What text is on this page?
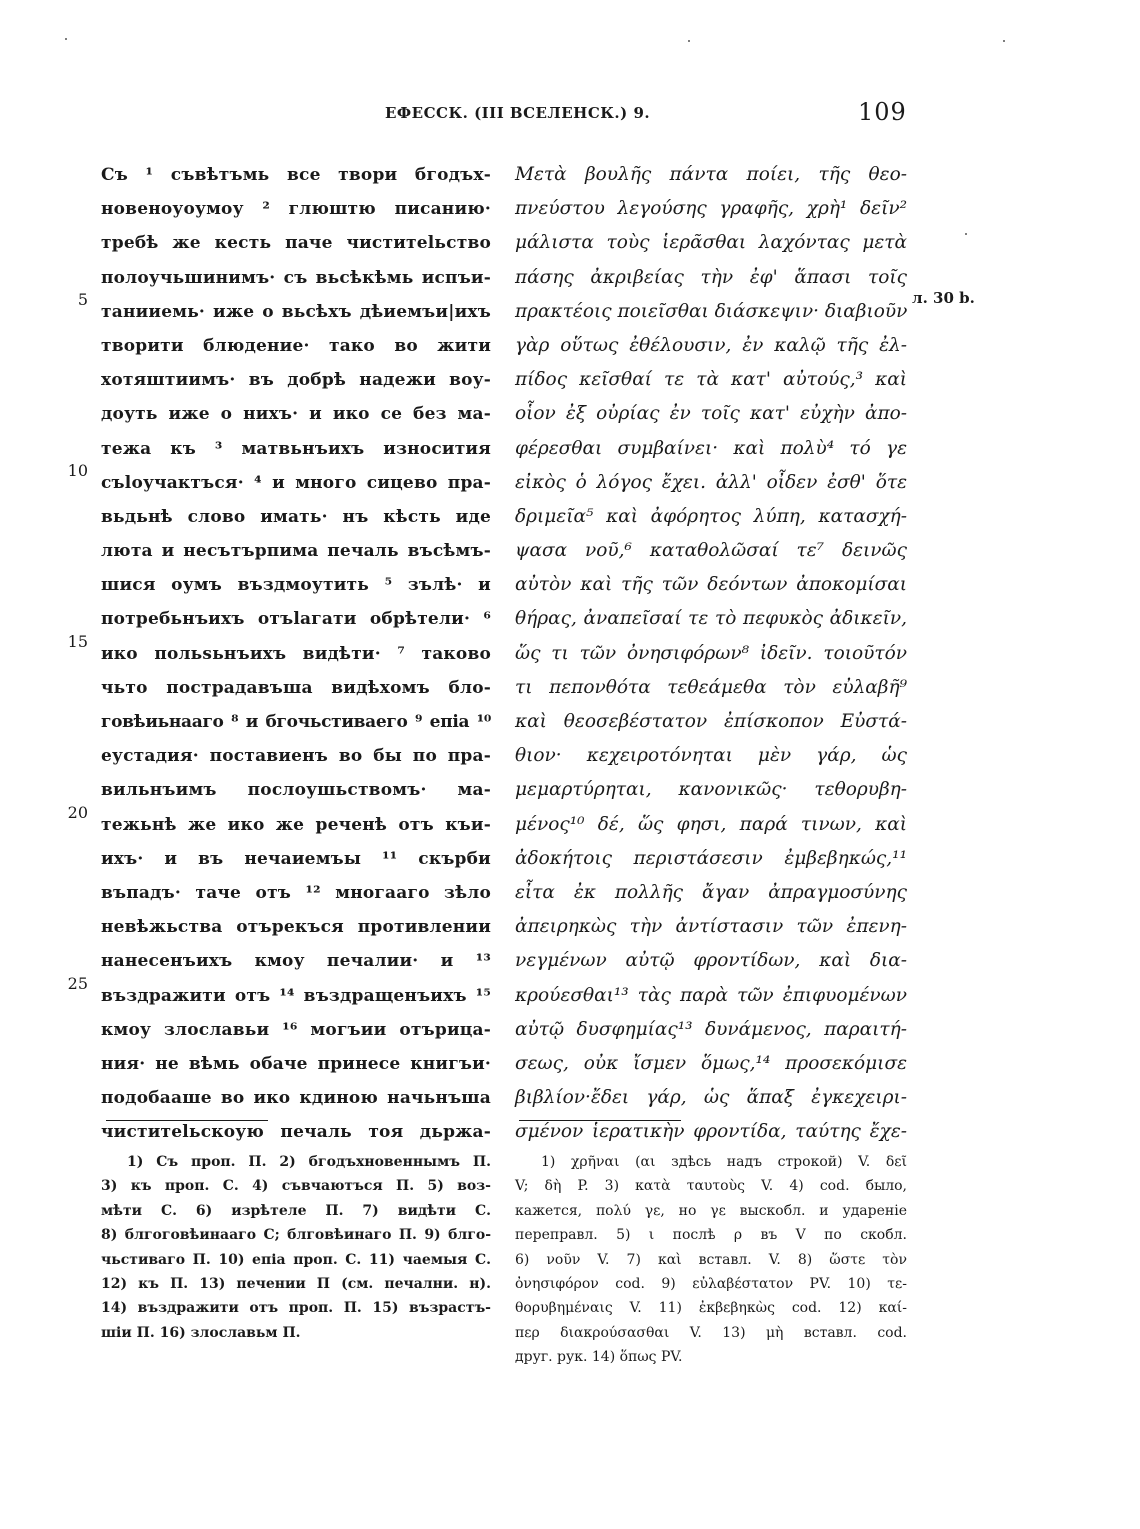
ЕФЕСCК. (III ВСЕЛЕНСК.) 9.	109
Съ ¹ съвѣтъмь все твори бгодъх-
новеноуоумоу ² глюштю писанию·
требѣ же кесть паче чиститеlьство
полоучьшинимъ· съ вьсѣкѣмь испъи-
тaнииемь· иже о вьсѣхъ дѣиемъи|ихъ
творити блюдение· тако во жити
хотяштиимъ· въ добрѣ надежи воу-
доуть иже о нихъ· и ико се без ма-
тежа къ ³ мaтвьнъихъ износития
съloучактъся· ⁴ и много сицево пра-
вьдьнѣ слово имать· нъ кѣсть иде
люта и несътърпима печаль въсѣмъ-
шися оумъ въздмоутить ⁵ зълѣ· и
потребьнъихъ отъlaгaти обрѣтели· ⁶
ико польѕьнъихъ видѣти· ⁷ таково
чьто пострадавъша видѣхомъ бло-
говѣиьнааго ⁸ и бгочьстиваего ⁹ епiа ¹⁰
еустадия· поставиенъ во бы по пра-
вильнъимъ послоушьствомъ· ма-
тежьнѣ же ико же реченѣ отъ къи-
ихъ· и въ нечаиемъы ¹¹ скърби
въпадъ· таче отъ ¹² многааго зѣло
невѣжьства отърекъся противлении
нанесенъихъ кмоу печалии· и ¹³
въздражити отъ ¹⁴ въздращенъихъ ¹⁵
кмоу злославьи ¹⁶ могъии отърица-
ния· не вѣмь обаче принесе книгъи·
подобааше во ико кдиною начьнъша
чиститеlьскоую печаль тоя дьржа-
5
10
15
20
25
Μετὰ βουλῆς πάντα ποίει, τῆς θεο-
πνεύστου λεγούσης γραφῆς, χρὴ¹ δεῖν²
μάλιστα τοὺς ἱερᾶσθαι λαχόντας μετὰ
πάσης ἀκριβείας τὴν ἐφ' ἅπασι τοῖς
πρακτέοις ποιεῖσθαι διάσκεψιν· διαβιοῦν
γὰρ οὕτως ἐθέλουσιν, ἐν καλῷ τῆς ἐλ-
πίδος κεῖσθαί τε τὰ κατ' αὐτούς,³ καὶ
οἷον ἐξ οὐρίας ἐν τοῖς κατ' εὐχὴν ἀπο-
φέρεσθαι συμβαίνει· καὶ πολὺ⁴ τό γε
εἰκὸς ὁ λόγος ἔχει. ἀλλ' οἶδεν ἐσθ' ὅτε
δριμεῖα⁵ καὶ ἀφόρητος λύπη, κατασχή-
ψασα νοῦ,⁶ καταθολῶσαί τε⁷ δεινῶς
αὐτὸν καὶ τῆς τῶν δεόντων ἀποκομίσαι
θήρας, ἀναπεῖσαί τε τὸ πεφυκὸς ἀδικεῖν,
ὥς τι τῶν ὀνησιφόρων⁸ ἰδεῖν. τοιοῦτόν
τι πεπονθότα τεθεάμεθα τὸν εὐλαβῆ⁹
καὶ θεοσεβέστατον ἐπίσκοπον Εὐστά-
θιον· κεχειροτόνηται μὲν γάρ, ὡς
μεμαρτύρηται, κανονικῶς· τεθορυβη-
μένος¹⁰ δέ, ὥς φησι, παρά τινων, καὶ
ἀδοκήτοις περιστάσεσιν ἐμβεβηκώς,¹¹
εἶτα ἐκ πολλῆς ἄγαν ἀπραγμοσύνης
ἀπειρηκὼς τὴν ἀντίστασιν τῶν ἐπενη-
νεγμένων αὐτῷ φροντίδων, καὶ δια-
κρούεσθαι¹³ τὰς παρὰ τῶν ἐπιφυομένων
αὐτῷ δυσφημίας¹³ δυνάμενος, παραιτή-
σεως, οὐκ ἴσμεν ὅμως,¹⁴ προσεκόμισε
βιβλίον·ἔδει γάρ, ὡς ἅπαξ ἐγκεχειρι-
σμένον ἱερατικὴν φροντίδα, ταύτης ἔχε-
л. 30 b.
1) Съ проп. П. 2) бгодъхновеннымъ П.
3) къ проп. С. 4) съвчаютъся П. 5) воз-
мѣти С. 6) изрѣтеле П. 7) видѣти С.
8) блгоговѣинааго С; блговѣинаго П. 9) блго-
чьстиваго П. 10) епiа проп. С. 11) чаемыя С.
12) къ П. 13) печении П (см. печални. н).
14) въздражити отъ проп. П. 15) възрастъ-
шіи П. 16) злославьм П.
1) χρῆναι (αι здѣсь надъ строкой) V. δεῖ
V; δὴ P. 3) κατὰ ταυτοὺς V. 4) cod. было,
кажется, πολύ γε, но γε выскобл. и удареніе
переправл. 5) ι послѣ ρ въ V по скобл.
6) νοῦν V. 7) καὶ вставл. V. 8) ὥστε τὸν
ὀνησιφόρον cod. 9) εὐλαβέστατον PV. 10) τε-
θορυβημέναις V. 11) ἐκβεβηκὼς cod. 12) καί-
περ διακρούσασθαι V. 13) μὴ вставл. cod.
друг. рук. 14) ὅπως PV.
